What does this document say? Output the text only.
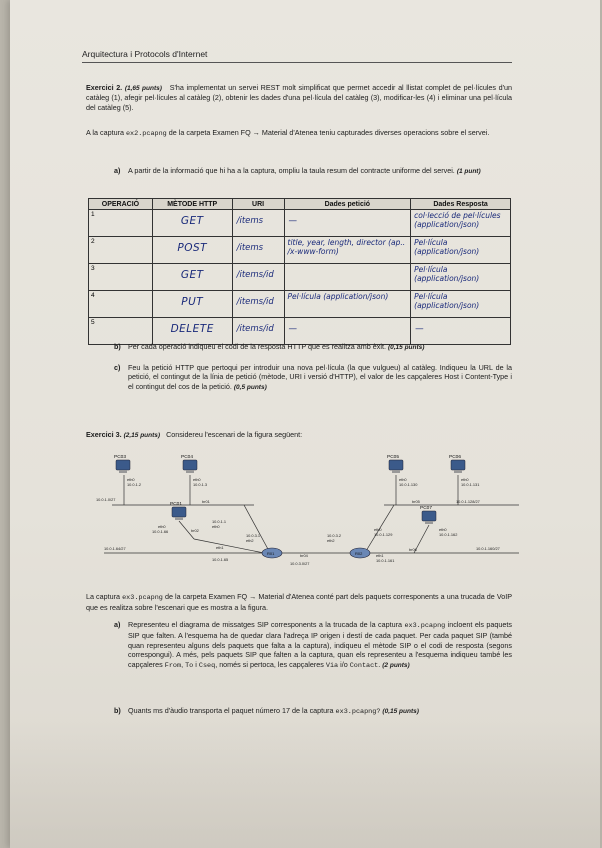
Arquitectura i Protocols d'Internet
Exercici 2. (1,65 punts) S'ha implementat un servei REST molt simplificat que permet accedir al llistat complet de pel·lícules d'un catàleg (1), afegir pel·lícules al catàleg (2), obtenir les dades d'una pel·lícula del catàleg (3), modificar-les (4) i eliminar una pel·lícula del catàleg (5).
A la captura ex2.pcapng de la carpeta Examen FQ → Material d'Atenea teniu capturades diverses operacions sobre el servei.
a) A partir de la informació que hi ha a la captura, ompliu la taula resum del contracte uniforme del servei. (1 punt)
OPERACIÓ	MÈTODE HTTP	URI	Dades petició	Dades Resposta

1	GET	/items	—	col·lecció de pel·lícules (application/json)

2	POST	/items	title, year, length, director (ap.. /x-www-form)	Pel·lícula (application/json)

3	GET	/items/id		Pel·lícula (application/json)

4	PUT	/items/id	Pel·lícula (application/json)	Pel·lícula (application/json)

5	DELETE	/items/id	—	—
b) Per cada operació indiqueu el codi de la resposta HTTP que es realitza amb èxit. (0,15 punts)
c) Feu la petició HTTP que pertoqui per introduir una nova pel·lícula (la que vulgueu) al catàleg. Indiqueu la URL de la petició, el contingut de la línia de petició (mètode, URI i versió d'HTTP), el valor de les capçaleres Host i Content-Type i el contingut del cos de la petició. (0,5 punts)
Exercici 3. (2,15 punts) Considereu l'escenari de la figura següent:
PC03	PC04
PC01
PC05	PC06
PC07
R01	R02
eth0
10.0.1.2
10.0.1.0/27
eth0
10.0.1.3
br01
eth0
10.0.1.66	br02
10.0.1.1
eth0
eth1
10.0.1.65
10.0.1.64/27
10.0.3.1
eth2
br04
10.0.3.0/27
10.0.3.2
eth2
eth0
10.0.1.129
eth1
10.0.1.161
eth0
10.0.1.130
br05
eth0
10.0.1.131
10.0.1.128/27
eth0
10.0.1.162
br06	10.0.1.160/27
La captura ex3.pcapng de la carpeta Examen FQ → Material d'Atenea conté part dels paquets corresponents a una trucada de VoIP que es realitza sobre l'escenari que es mostra a la figura.
a) Representeu el diagrama de missatges SIP corresponents a la trucada de la captura ex3.pcapng incloent els paquets SIP que falten. A l'esquema ha de quedar clara l'adreça IP origen i destí de cada paquet. Per cada paquet SIP (també quan representeu alguns dels paquets que falta a la captura), indiqueu el mètode SIP o el codi de resposta (segons correspongui). A més, pels paquets SIP que falten a la captura, quan els representeu a l'esquema indiqueu també les capçaleres From, To i Cseq, només si pertoca, les capçaleres Via i/o Contact. (2 punts)
b) Quants ms d'àudio transporta el paquet número 17 de la captura ex3.pcapng? (0,15 punts)
